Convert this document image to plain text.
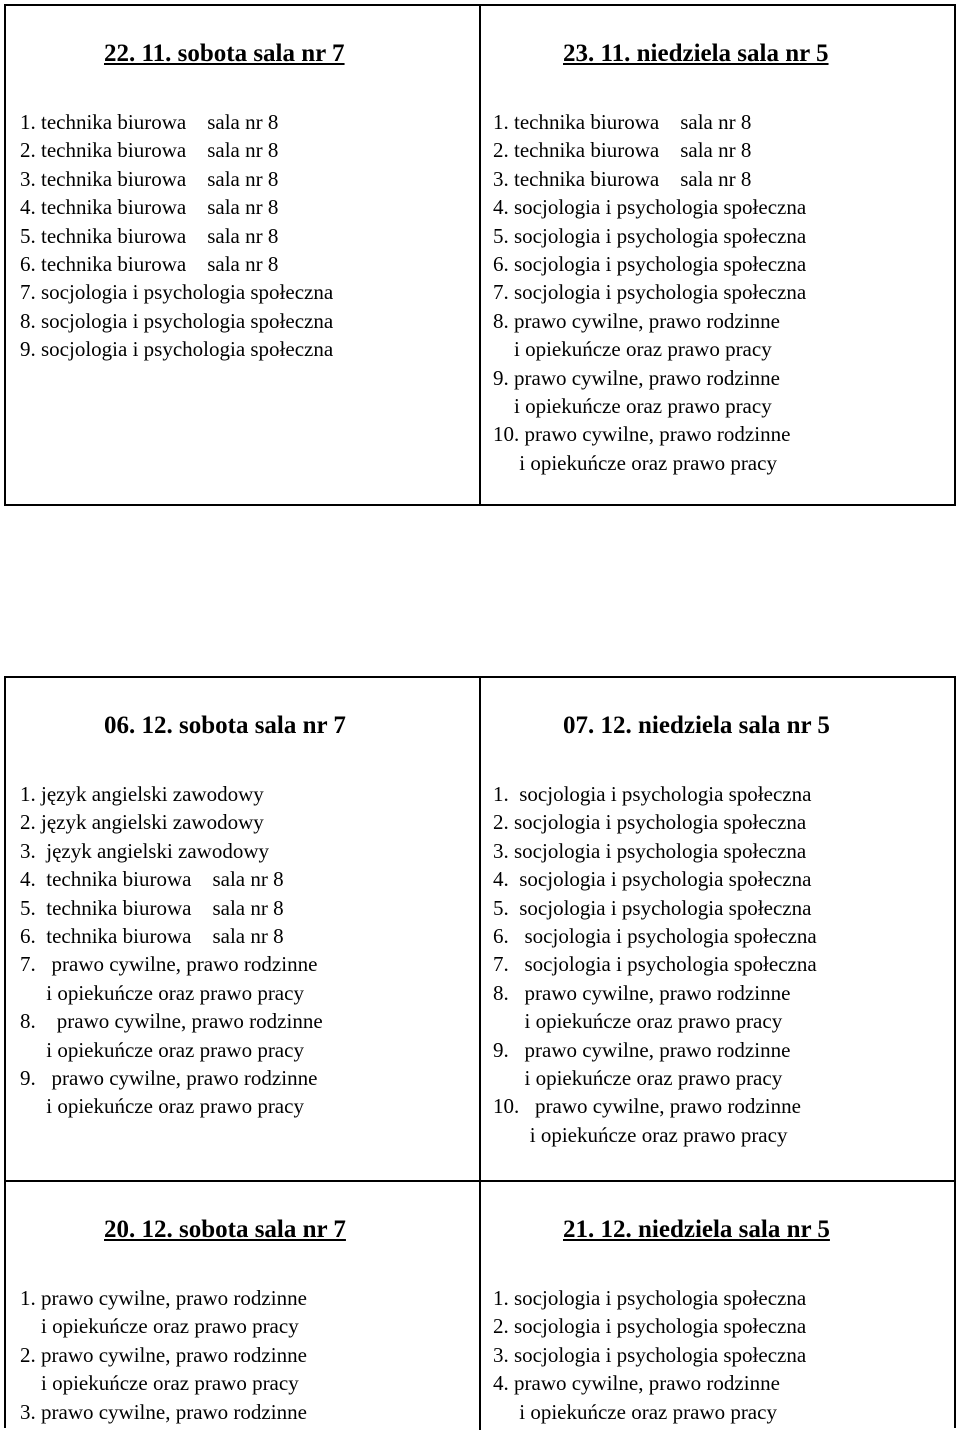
22. 11. sobota sala nr 7
1. technika biurowa    sala nr 8
2. technika biurowa    sala nr 8
3. technika biurowa    sala nr 8
4. technika biurowa    sala nr 8
5. technika biurowa    sala nr 8
6. technika biurowa    sala nr 8
7. socjologia i psychologia społeczna
8. socjologia i psychologia społeczna
9. socjologia i psychologia społeczna
23. 11. niedziela sala nr 5
1. technika biurowa    sala nr 8
2. technika biurowa    sala nr 8
3. technika biurowa    sala nr 8
4. socjologia i psychologia społeczna
5. socjologia i psychologia społeczna
6. socjologia i psychologia społeczna
7. socjologia i psychologia społeczna
8. prawo cywilne, prawo rodzinne
i opiekuńcze oraz prawo pracy
9. prawo cywilne, prawo rodzinne
i opiekuńcze oraz prawo pracy
10. prawo cywilne, prawo rodzinne
i opiekuńcze oraz prawo pracy
06. 12. sobota sala nr 7
1. język angielski zawodowy
2. język angielski zawodowy
3.  język angielski zawodowy
4.  technika biurowa    sala nr 8
5.  technika biurowa    sala nr 8
6.  technika biurowa    sala nr 8
7.   prawo cywilne, prawo rodzinne
i opiekuńcze oraz prawo pracy
8.    prawo cywilne, prawo rodzinne
i opiekuńcze oraz prawo pracy
9.   prawo cywilne, prawo rodzinne
i opiekuńcze oraz prawo pracy
07. 12. niedziela sala nr 5
1.  socjologia i psychologia społeczna
2. socjologia i psychologia społeczna
3. socjologia i psychologia społeczna
4.  socjologia i psychologia społeczna
5.  socjologia i psychologia społeczna
6.   socjologia i psychologia społeczna
7.   socjologia i psychologia społeczna
8.   prawo cywilne, prawo rodzinne
i opiekuńcze oraz prawo pracy
9.   prawo cywilne, prawo rodzinne
i opiekuńcze oraz prawo pracy
10.   prawo cywilne, prawo rodzinne
i opiekuńcze oraz prawo pracy
20. 12. sobota sala nr 7
1. prawo cywilne, prawo rodzinne
i opiekuńcze oraz prawo pracy
2. prawo cywilne, prawo rodzinne
i opiekuńcze oraz prawo pracy
3. prawo cywilne, prawo rodzinne
21. 12. niedziela sala nr 5
1. socjologia i psychologia społeczna
2. socjologia i psychologia społeczna
3. socjologia i psychologia społeczna
4. prawo cywilne, prawo rodzinne
i opiekuńcze oraz prawo pracy
